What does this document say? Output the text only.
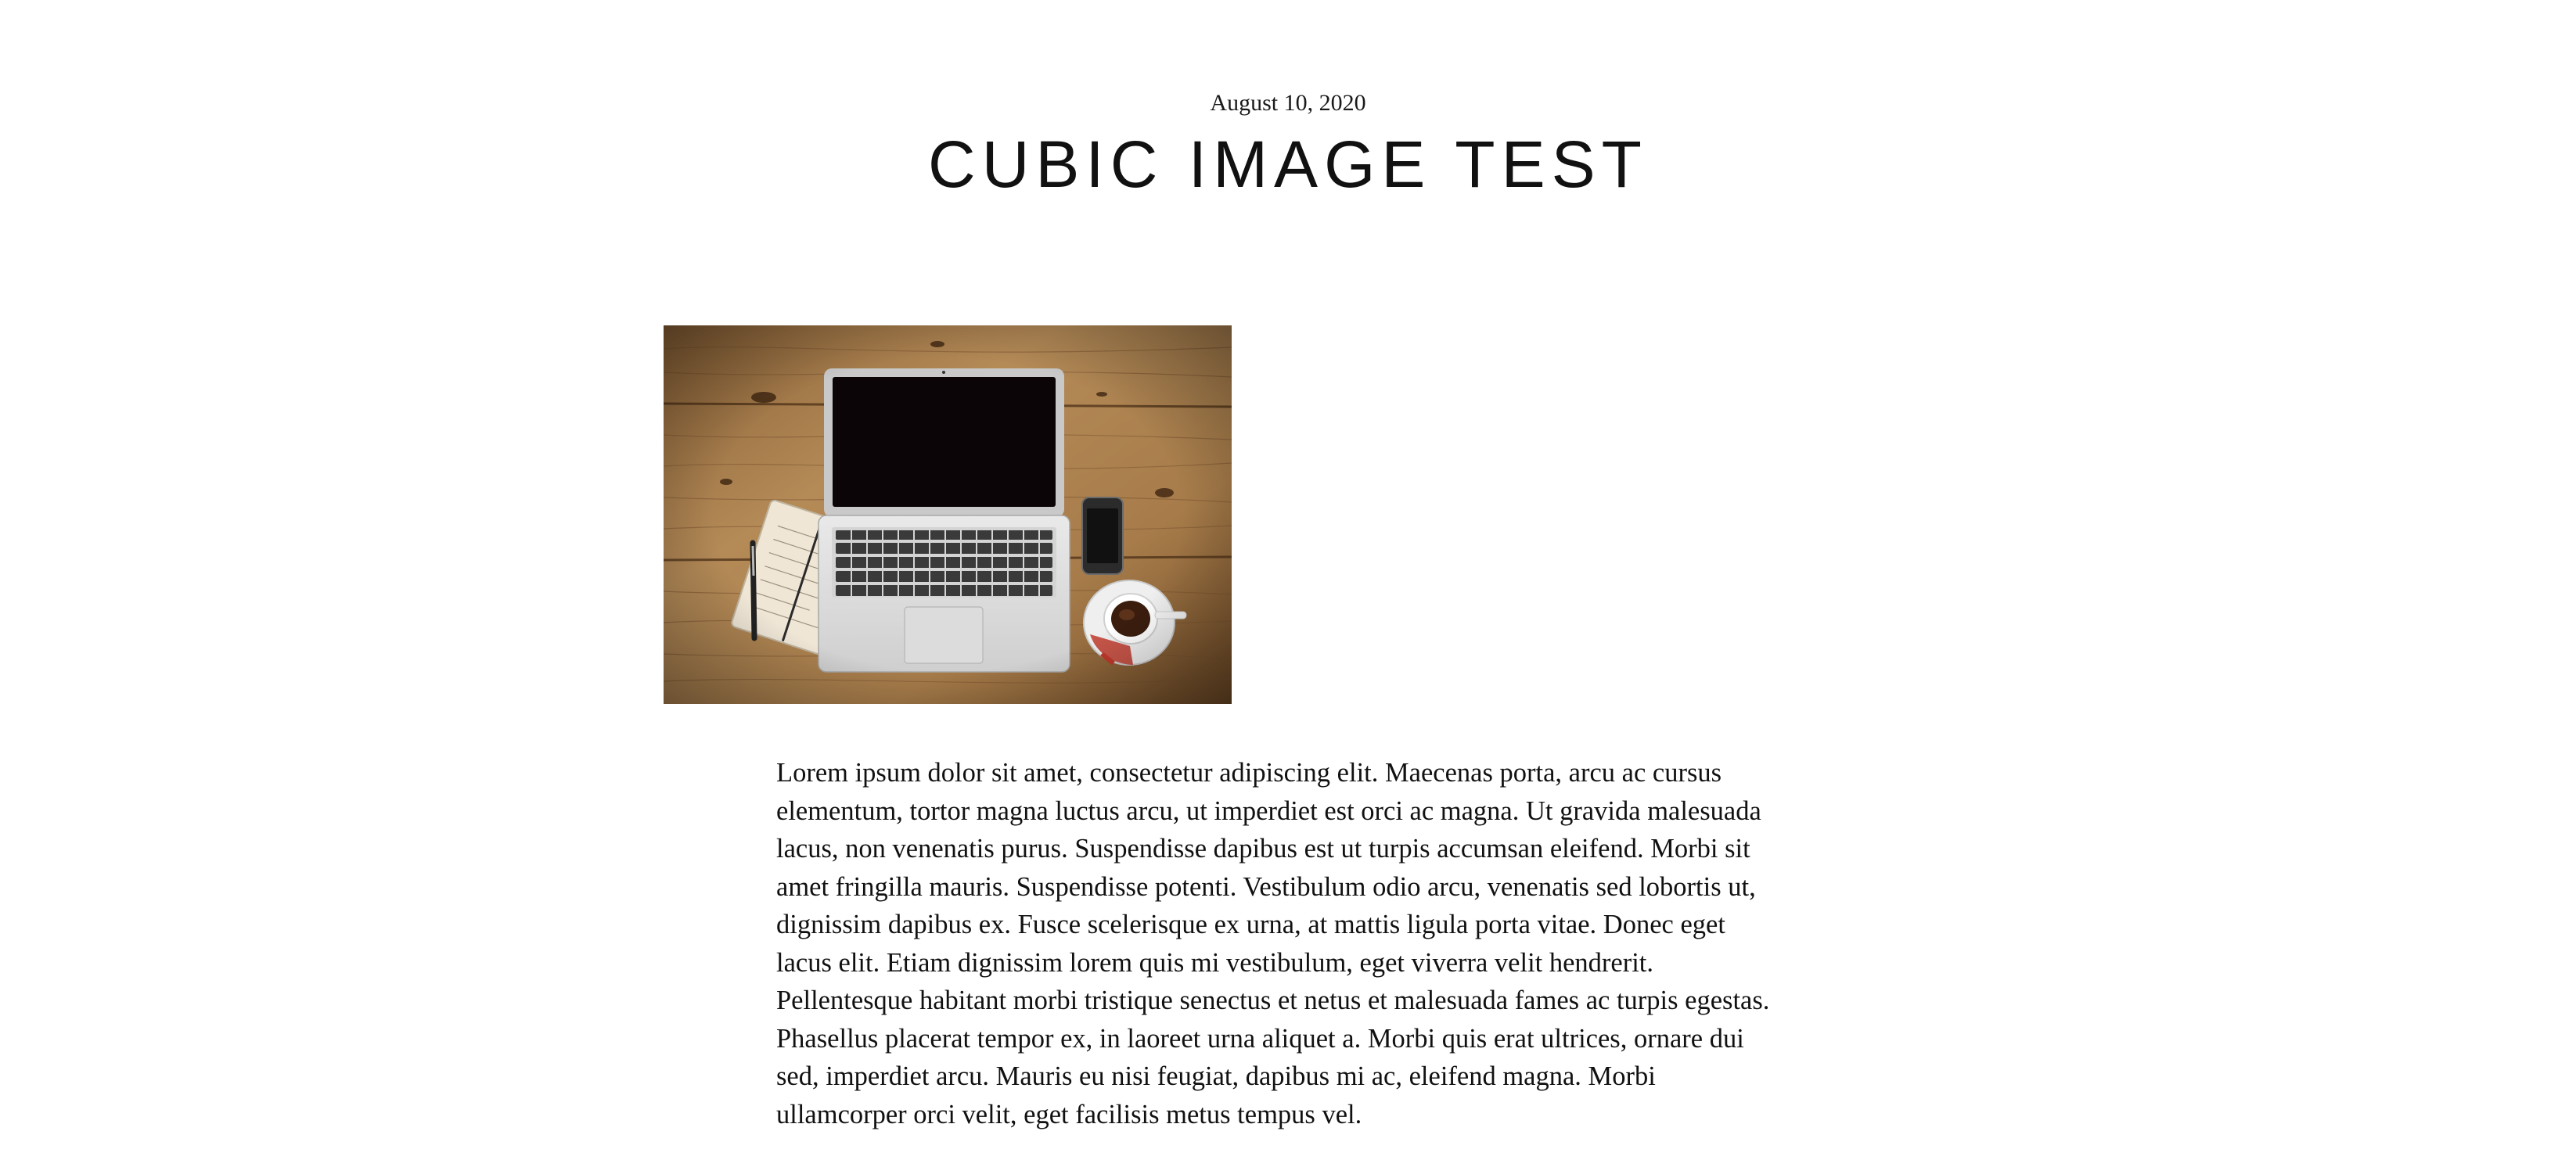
August 10, 2020
CUBIC IMAGE TEST

Lorem ipsum dolor sit amet, consectetur adipiscing elit. Maecenas porta, arcu ac cursus elementum, tortor magna luctus arcu, ut imperdiet est orci ac magna. Ut gravida malesuada lacus, non venenatis purus. Suspendisse dapibus est ut turpis accumsan eleifend. Morbi sit amet fringilla mauris. Suspendisse potenti. Vestibulum odio arcu, venenatis sed lobortis ut, dignissim dapibus ex. Fusce scelerisque ex urna, at mattis ligula porta vitae. Donec eget lacus elit. Etiam dignissim lorem quis mi vestibulum, eget viverra velit hendrerit. Pellentesque habitant morbi tristique senectus et netus et malesuada fames ac turpis egestas. Phasellus placerat tempor ex, in laoreet urna aliquet a. Morbi quis erat ultrices, ornare dui sed, imperdiet arcu. Mauris eu nisi feugiat, dapibus mi ac, eleifend magna. Morbi ullamcorper orci velit, eget facilisis metus tempus vel.
